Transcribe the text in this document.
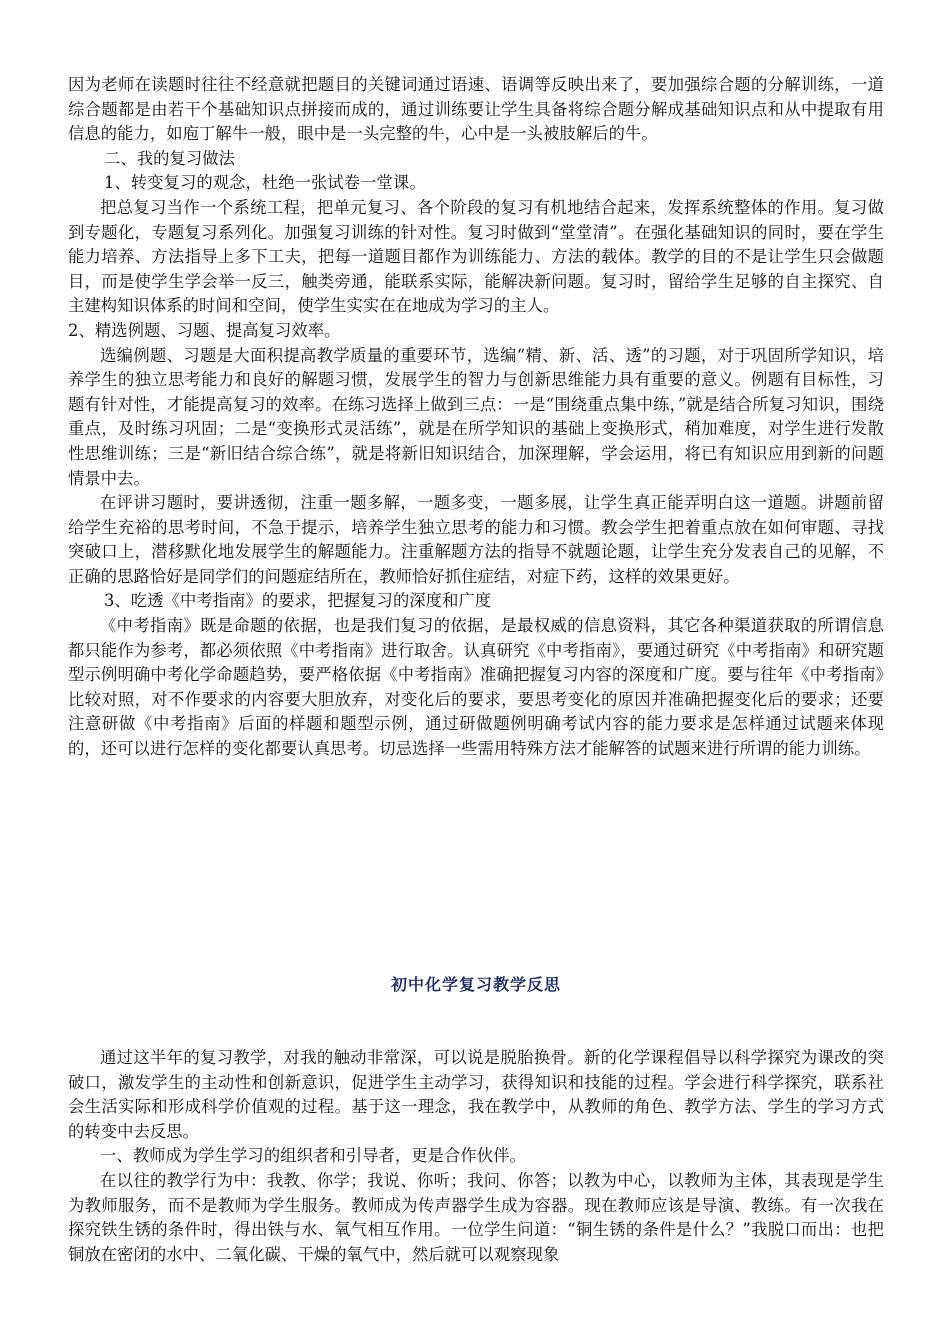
因为老师在读题时往往不经意就把题目的关键词通过语速、语调等反映出来了，要加强综合题的分解训练，一道综合题都是由若干个基础知识点拼接而成的，通过训练要让学生具备将综合题分解成基础知识点和从中提取有用信息的能力，如庖丁解牛一般，眼中是一头完整的牛，心中是一头被肢解后的牛。

二、我的复习做法

1、转变复习的观念，杜绝一张试卷一堂课。

把总复习当作一个系统工程，把单元复习、各个阶段的复习有机地结合起来，发挥系统整体的作用。复习做到专题化，专题复习系列化。加强复习训练的针对性。复习时做到“堂堂清”。在强化基础知识的同时，要在学生能力培养、方法指导上多下工夫，把每一道题目都作为训练能力、方法的载体。教学的目的不是让学生只会做题目，而是使学生学会举一反三，触类旁通，能联系实际，能解决新问题。复习时，留给学生足够的自主探究、自主建构知识体系的时间和空间，使学生实实在在地成为学习的主人。

2、精选例题、习题、提高复习效率。

选编例题、习题是大面积提高教学质量的重要环节，选编“精、新、活、透”的习题，对于巩固所学知识，培养学生的独立思考能力和良好的解题习惯，发展学生的智力与创新思维能力具有重要的意义。例题有目标性，习题有针对性，才能提高复习的效率。在练习选择上做到三点：一是“围绕重点集中练，”就是结合所复习知识，围绕重点，及时练习巩固；二是“变换形式灵活练”，就是在所学知识的基础上变换形式，稍加难度，对学生进行发散性思维训练；三是“新旧结合综合练”，就是将新旧知识结合，加深理解，学会运用，将已有知识应用到新的问题情景中去。

在评讲习题时，要讲透彻，注重一题多解，一题多变，一题多展，让学生真正能弄明白这一道题。讲题前留给学生充裕的思考时间，不急于提示，培养学生独立思考的能力和习惯。教会学生把着重点放在如何审题、寻找突破口上，潜移默化地发展学生的解题能力。注重解题方法的指导不就题论题，让学生充分发表自己的见解，不正确的思路恰好是同学们的问题症结所在，教师恰好抓住症结，对症下药，这样的效果更好。

3、吃透《中考指南》的要求，把握复习的深度和广度

《中考指南》既是命题的依据，也是我们复习的依据，是最权威的信息资料，其它各种渠道获取的所谓信息都只能作为参考，都必须依照《中考指南》进行取舍。认真研究《中考指南》，要通过研究《中考指南》和研究题型示例明确中考化学命题趋势，要严格依据《中考指南》准确把握复习内容的深度和广度。要与往年《中考指南》比较对照，对不作要求的内容要大胆放弃，对变化后的要求，要思考变化的原因并准确把握变化后的要求；还要注意研做《中考指南》后面的样题和题型示例，通过研做题例明确考试内容的能力要求是怎样通过试题来体现的，还可以进行怎样的变化都要认真思考。切忌选择一些需用特殊方法才能解答的试题来进行所谓的能力训练。

初中化学复习教学反思

通过这半年的复习教学，对我的触动非常深，可以说是脱胎换骨。新的化学课程倡导以科学探究为课改的突破口，激发学生的主动性和创新意识，促进学生主动学习，获得知识和技能的过程。学会进行科学探究，联系社会生活实际和形成科学价值观的过程。基于这一理念，我在教学中，从教师的角色、教学方法、学生的学习方式的转变中去反思。

一、教师成为学生学习的组织者和引导者，更是合作伙伴。

在以往的教学行为中：我教、你学；我说、你听；我问、你答；以教为中心，以教师为主体，其表现是学生为教师服务，而不是教师为学生服务。教师成为传声器学生成为容器。现在教师应该是导演、教练。有一次我在探究铁生锈的条件时，得出铁与水、氧气相互作用。一位学生问道：“铜生锈的条件是什么？”我脱口而出：也把铜放在密闭的水中、二氧化碳、干燥的氧气中，然后就可以观察现象
